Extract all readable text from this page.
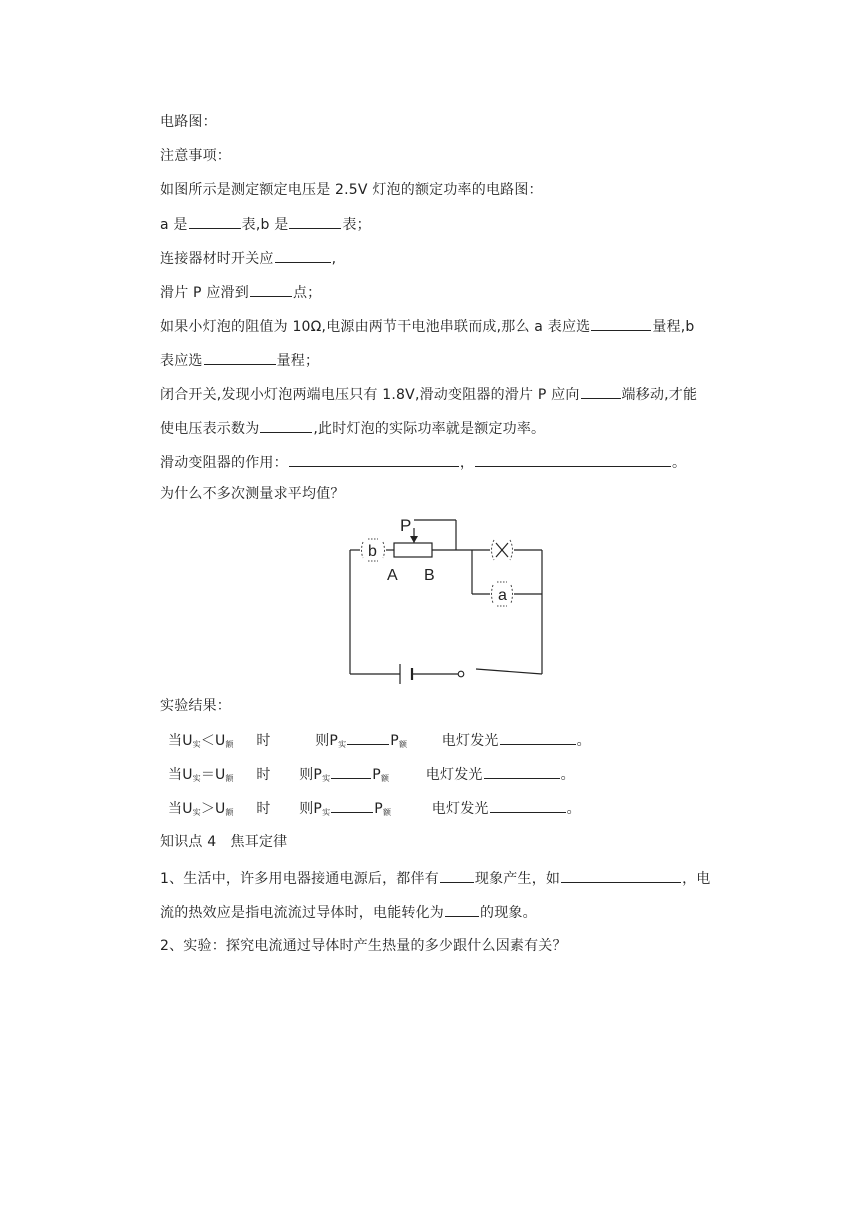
电路图：
注意事项：
如图所示是测定额定电压是 2.5V 灯泡的额定功率的电路图：
a 是	表,b 是	表；
连接器材时开关应	,
滑片 P 应滑到	点；
如果小灯泡的阻值为 10Ω,电源由两节干电池串联而成,那么 a 表应选	量程,b
表应选	量程；
闭合开关,发现小灯泡两端电压只有 1.8V,滑动变阻器的滑片 P 应向	端移动,才能
使电压表示数为	,此时灯泡的实际功率就是额定功率。
滑动变阻器的作用：	，	。
为什么不多次测量求平均值？
b
a
P
A B
实验结果：
当$U_实<U_额$ 时	则$P_实$	$P_额$ 电灯发光	。
当$U_实=U_额$ 时 则$P_实$	$P_额$	电灯发光	。
当$U_实>U_额$ 时 则$P_实$	$P_额$	电灯发光	。
知识点 4　焦耳定律
1、生活中，许多用电器接通电源后，都伴有	现象产生，如	，电
流的热效应是指电流流过导体时，电能转化为	的现象。
2、实验：探究电流通过导体时产生热量的多少跟什么因素有关？
